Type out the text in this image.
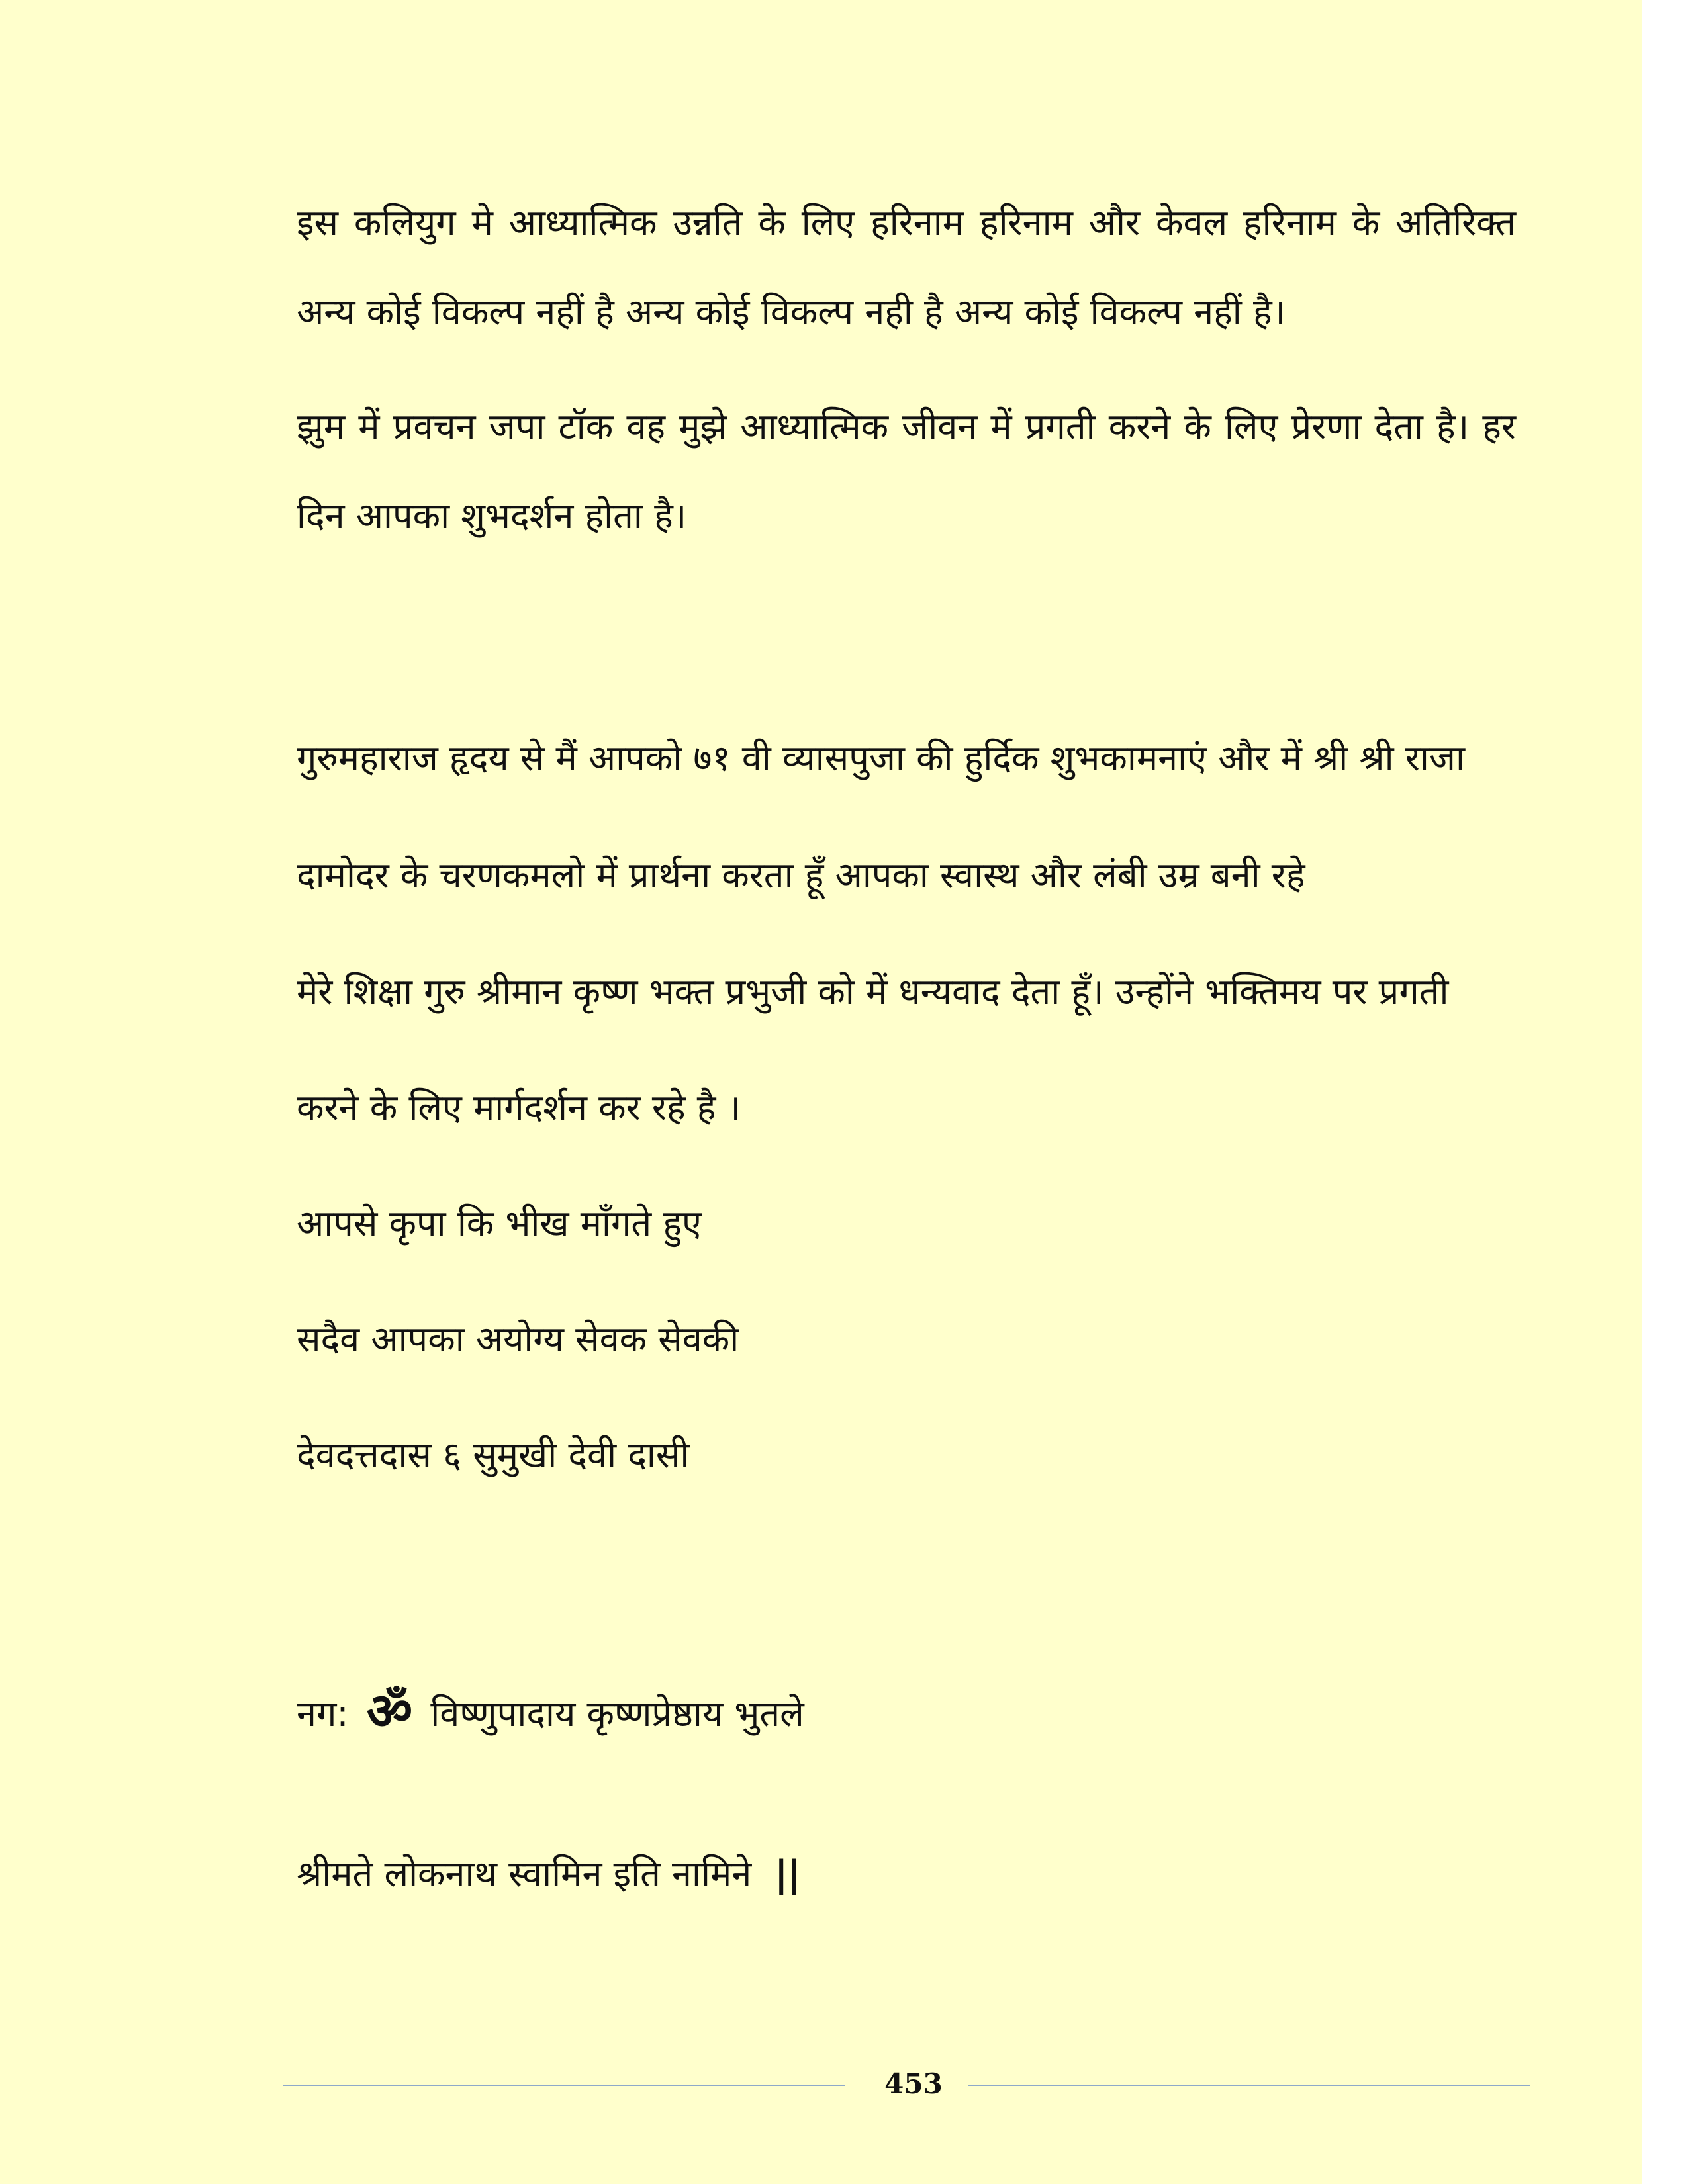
इस कलियुग मे आध्यात्मिक उन्नति के लिए हरिनाम हरिनाम और केवल हरिनाम के अतिरिक्त
अन्य कोई विकल्प नहीं है अन्य कोई विकल्प नही है अन्य कोई विकल्प नहीं है।
झुम में प्रवचन जपा टॉक वह मुझे आध्यात्मिक जीवन में प्रगती करने के लिए प्रेरणा देता है। हर
दिन आपका शुभदर्शन होता है।
गुरुमहाराज हृदय से मैं आपको ७१ वी व्यासपुजा की हुर्दिक शुभकामनाएं और में श्री श्री राजा
दामोदर के चरणकमलो में प्रार्थना करता हूँ आपका स्वास्थ और लंबी उम्र बनी रहे
मेरे शिक्षा गुरु श्रीमान कृष्ण भक्त प्रभुजी को में धन्यवाद देता हूँ। उन्होंने भक्तिमय पर प्रगती
करने के लिए मार्गदर्शन कर रहे है ।
आपसे कृपा कि भीख माँगते हुए
सदैव आपका अयोग्य सेवक सेवकी
देवदत्तदास ६ सुमुखी देवी दासी
नग: ॐ विष्णुपादाय कृष्णप्रेष्ठाय भुतले
श्रीमते लोकनाथ स्वामिन इति नामिने ||
453
